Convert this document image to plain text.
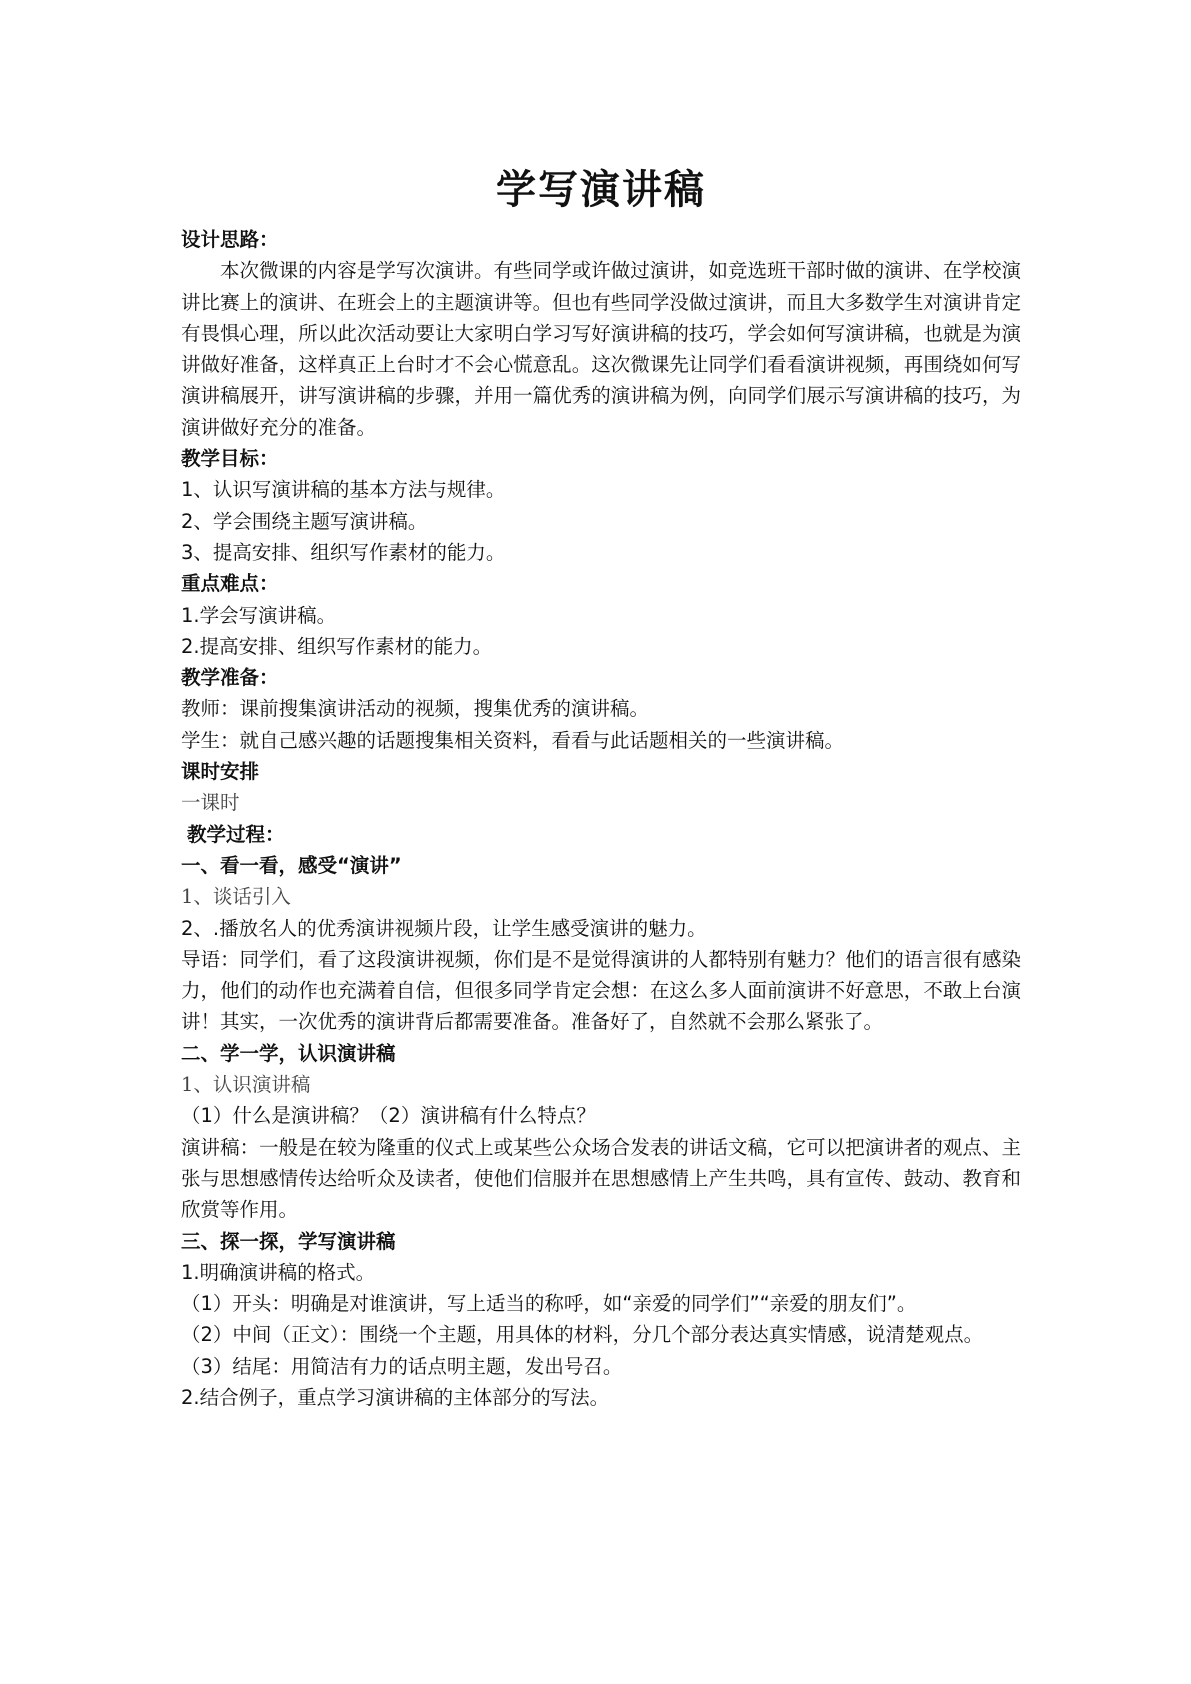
学写演讲稿

设计思路：

本次微课的内容是学写次演讲。有些同学或许做过演讲，如竞选班干部时做的演讲、在学校演讲比赛上的演讲、在班会上的主题演讲等。但也有些同学没做过演讲，而且大多数学生对演讲肯定有畏惧心理，所以此次活动要让大家明白学习写好演讲稿的技巧，学会如何写演讲稿，也就是为演讲做好准备，这样真正上台时才不会心慌意乱。这次微课先让同学们看看演讲视频，再围绕如何写演讲稿展开，讲写演讲稿的步骤，并用一篇优秀的演讲稿为例，向同学们展示写演讲稿的技巧，为演讲做好充分的准备。

教学目标：

1、认识写演讲稿的基本方法与规律。

2、学会围绕主题写演讲稿。

3、提高安排、组织写作素材的能力。

重点难点：

1.学会写演讲稿。

2.提高安排、组织写作素材的能力。

教学准备：

教师：课前搜集演讲活动的视频，搜集优秀的演讲稿。

学生：就自己感兴趣的话题搜集相关资料，看看与此话题相关的一些演讲稿。

课时安排

一课时

教学过程：

一、看一看，感受“演讲”

1、谈话引入

2、.播放名人的优秀演讲视频片段，让学生感受演讲的魅力。

导语：同学们，看了这段演讲视频，你们是不是觉得演讲的人都特别有魅力？他们的语言很有感染力，他们的动作也充满着自信，但很多同学肯定会想：在这么多人面前演讲不好意思，不敢上台演讲！其实，一次优秀的演讲背后都需要准备。准备好了，自然就不会那么紧张了。

二、学一学，认识演讲稿

1、认识演讲稿

（1）什么是演讲稿？（2）演讲稿有什么特点？

演讲稿：一般是在较为隆重的仪式上或某些公众场合发表的讲话文稿，它可以把演讲者的观点、主张与思想感情传达给听众及读者，使他们信服并在思想感情上产生共鸣，具有宣传、鼓动、教育和欣赏等作用。

三、探一探，学写演讲稿

1.明确演讲稿的格式。

（1）开头：明确是对谁演讲，写上适当的称呼，如“亲爱的同学们”“亲爱的朋友们”。

（2）中间（正文）：围绕一个主题，用具体的材料，分几个部分表达真实情感，说清楚观点。

（3）结尾：用简洁有力的话点明主题，发出号召。

2.结合例子，重点学习演讲稿的主体部分的写法。
